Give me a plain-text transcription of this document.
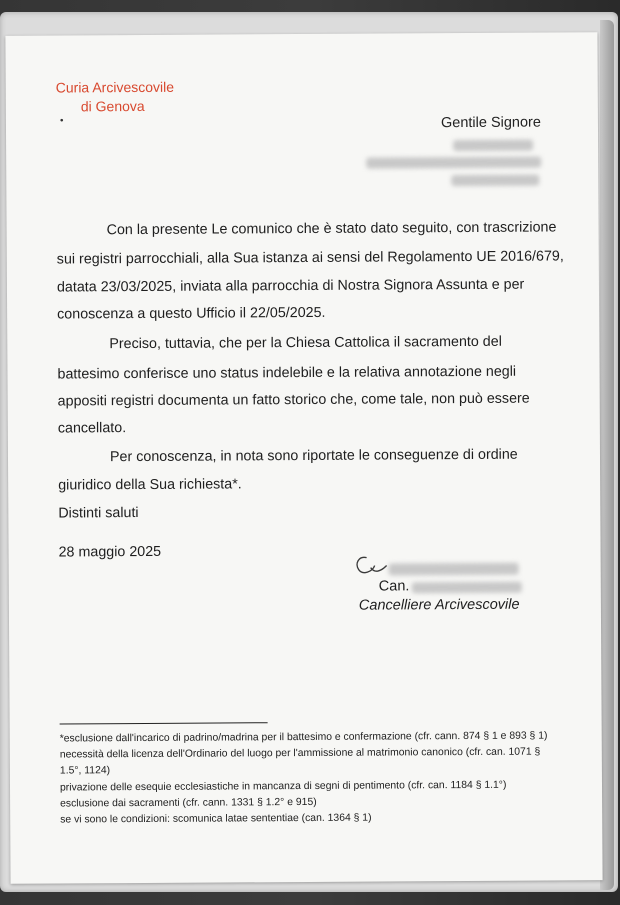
Curia Arcivescovile
di Genova
•	Gentile Signore
Con la presente Le comunico che è stato dato seguito, con trascrizione
sui registri parrocchiali, alla Sua istanza ai sensi del Regolamento UE 2016/679,
datata 23/03/2025, inviata alla parrocchia di Nostra Signora Assunta e per
conoscenza a questo Ufficio il 22/05/2025.
Preciso, tuttavia, che per la Chiesa Cattolica il sacramento del
battesimo conferisce uno status indelebile e la relativa annotazione negli
appositi registri documenta un fatto storico che, come tale, non può essere
cancellato.
Per conoscenza, in nota sono riportate le conseguenze di ordine
giuridico della Sua richiesta*.
Distinti saluti
28 maggio 2025
Can.
Cancelliere Arcivescovile
*esclusione dall'incarico di padrino/madrina per il battesimo e confermazione (cfr. cann. 874 § 1 e 893 § 1)
necessità della licenza dell'Ordinario del luogo per l'ammissione al matrimonio canonico (cfr. can. 1071 §
1.5°, 1124)
privazione delle esequie ecclesiastiche in mancanza di segni di pentimento (cfr. can. 1184 § 1.1°)
esclusione dai sacramenti (cfr. cann. 1331 § 1.2° e 915)
se vi sono le condizioni: scomunica latae sententiae (can. 1364 § 1)
